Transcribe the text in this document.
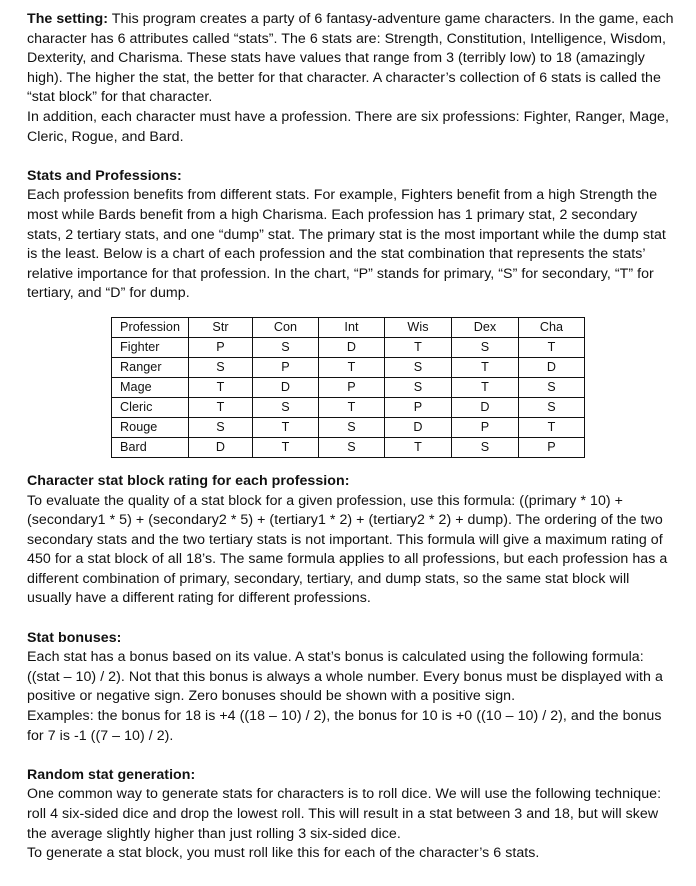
The setting: This program creates a party of 6 fantasy-adventure game characters. In the game, each character has 6 attributes called “stats”. The 6 stats are: Strength, Constitution, Intelligence, Wisdom, Dexterity, and Charisma. These stats have values that range from 3 (terribly low) to 18 (amazingly high). The higher the stat, the better for that character. A character’s collection of 6 stats is called the “stat block” for that character.

In addition, each character must have a profession. There are six professions: Fighter, Ranger, Mage, Cleric, Rogue, and Bard.

Stats and Professions:

Each profession benefits from different stats. For example, Fighters benefit from a high Strength the most while Bards benefit from a high Charisma. Each profession has 1 primary stat, 2 secondary stats, 2 tertiary stats, and one “dump” stat. The primary stat is the most important while the dump stat is the least. Below is a chart of each profession and the stat combination that represents the stats’ relative importance for that profession. In the chart, “P” stands for primary, “S” for secondary, “T” for tertiary, and “D” for dump.

Profession	Str	Con	Int	Wis	Dex	Cha
Fighter	P	S	D	T	S	T
Ranger	S	P	T	S	T	D
Mage	T	D	P	S	T	S
Cleric	T	S	T	P	D	S
Rouge	S	T	S	D	P	T
Bard	D	T	S	T	S	P

Character stat block rating for each profession:

To evaluate the quality of a stat block for a given profession, use this formula: ((primary * 10) + (secondary1 * 5) + (secondary2 * 5) + (tertiary1 * 2) + (tertiary2 * 2) + dump). The ordering of the two secondary stats and the two tertiary stats is not important. This formula will give a maximum rating of 450 for a stat block of all 18’s. The same formula applies to all professions, but each profession has a different combination of primary, secondary, tertiary, and dump stats, so the same stat block will usually have a different rating for different professions.

Stat bonuses:

Each stat has a bonus based on its value. A stat’s bonus is calculated using the following formula: ((stat – 10) / 2). Not that this bonus is always a whole number. Every bonus must be displayed with a positive or negative sign. Zero bonuses should be shown with a positive sign.

Examples: the bonus for 18 is +4 ((18 – 10) / 2), the bonus for 10 is +0 ((10 – 10) / 2), and the bonus for 7 is -1 ((7 – 10) / 2).

Random stat generation:

One common way to generate stats for characters is to roll dice. We will use the following technique: roll 4 six-sided dice and drop the lowest roll. This will result in a stat between 3 and 18, but will skew the average slightly higher than just rolling 3 six-sided dice.

To generate a stat block, you must roll like this for each of the character’s 6 stats.
